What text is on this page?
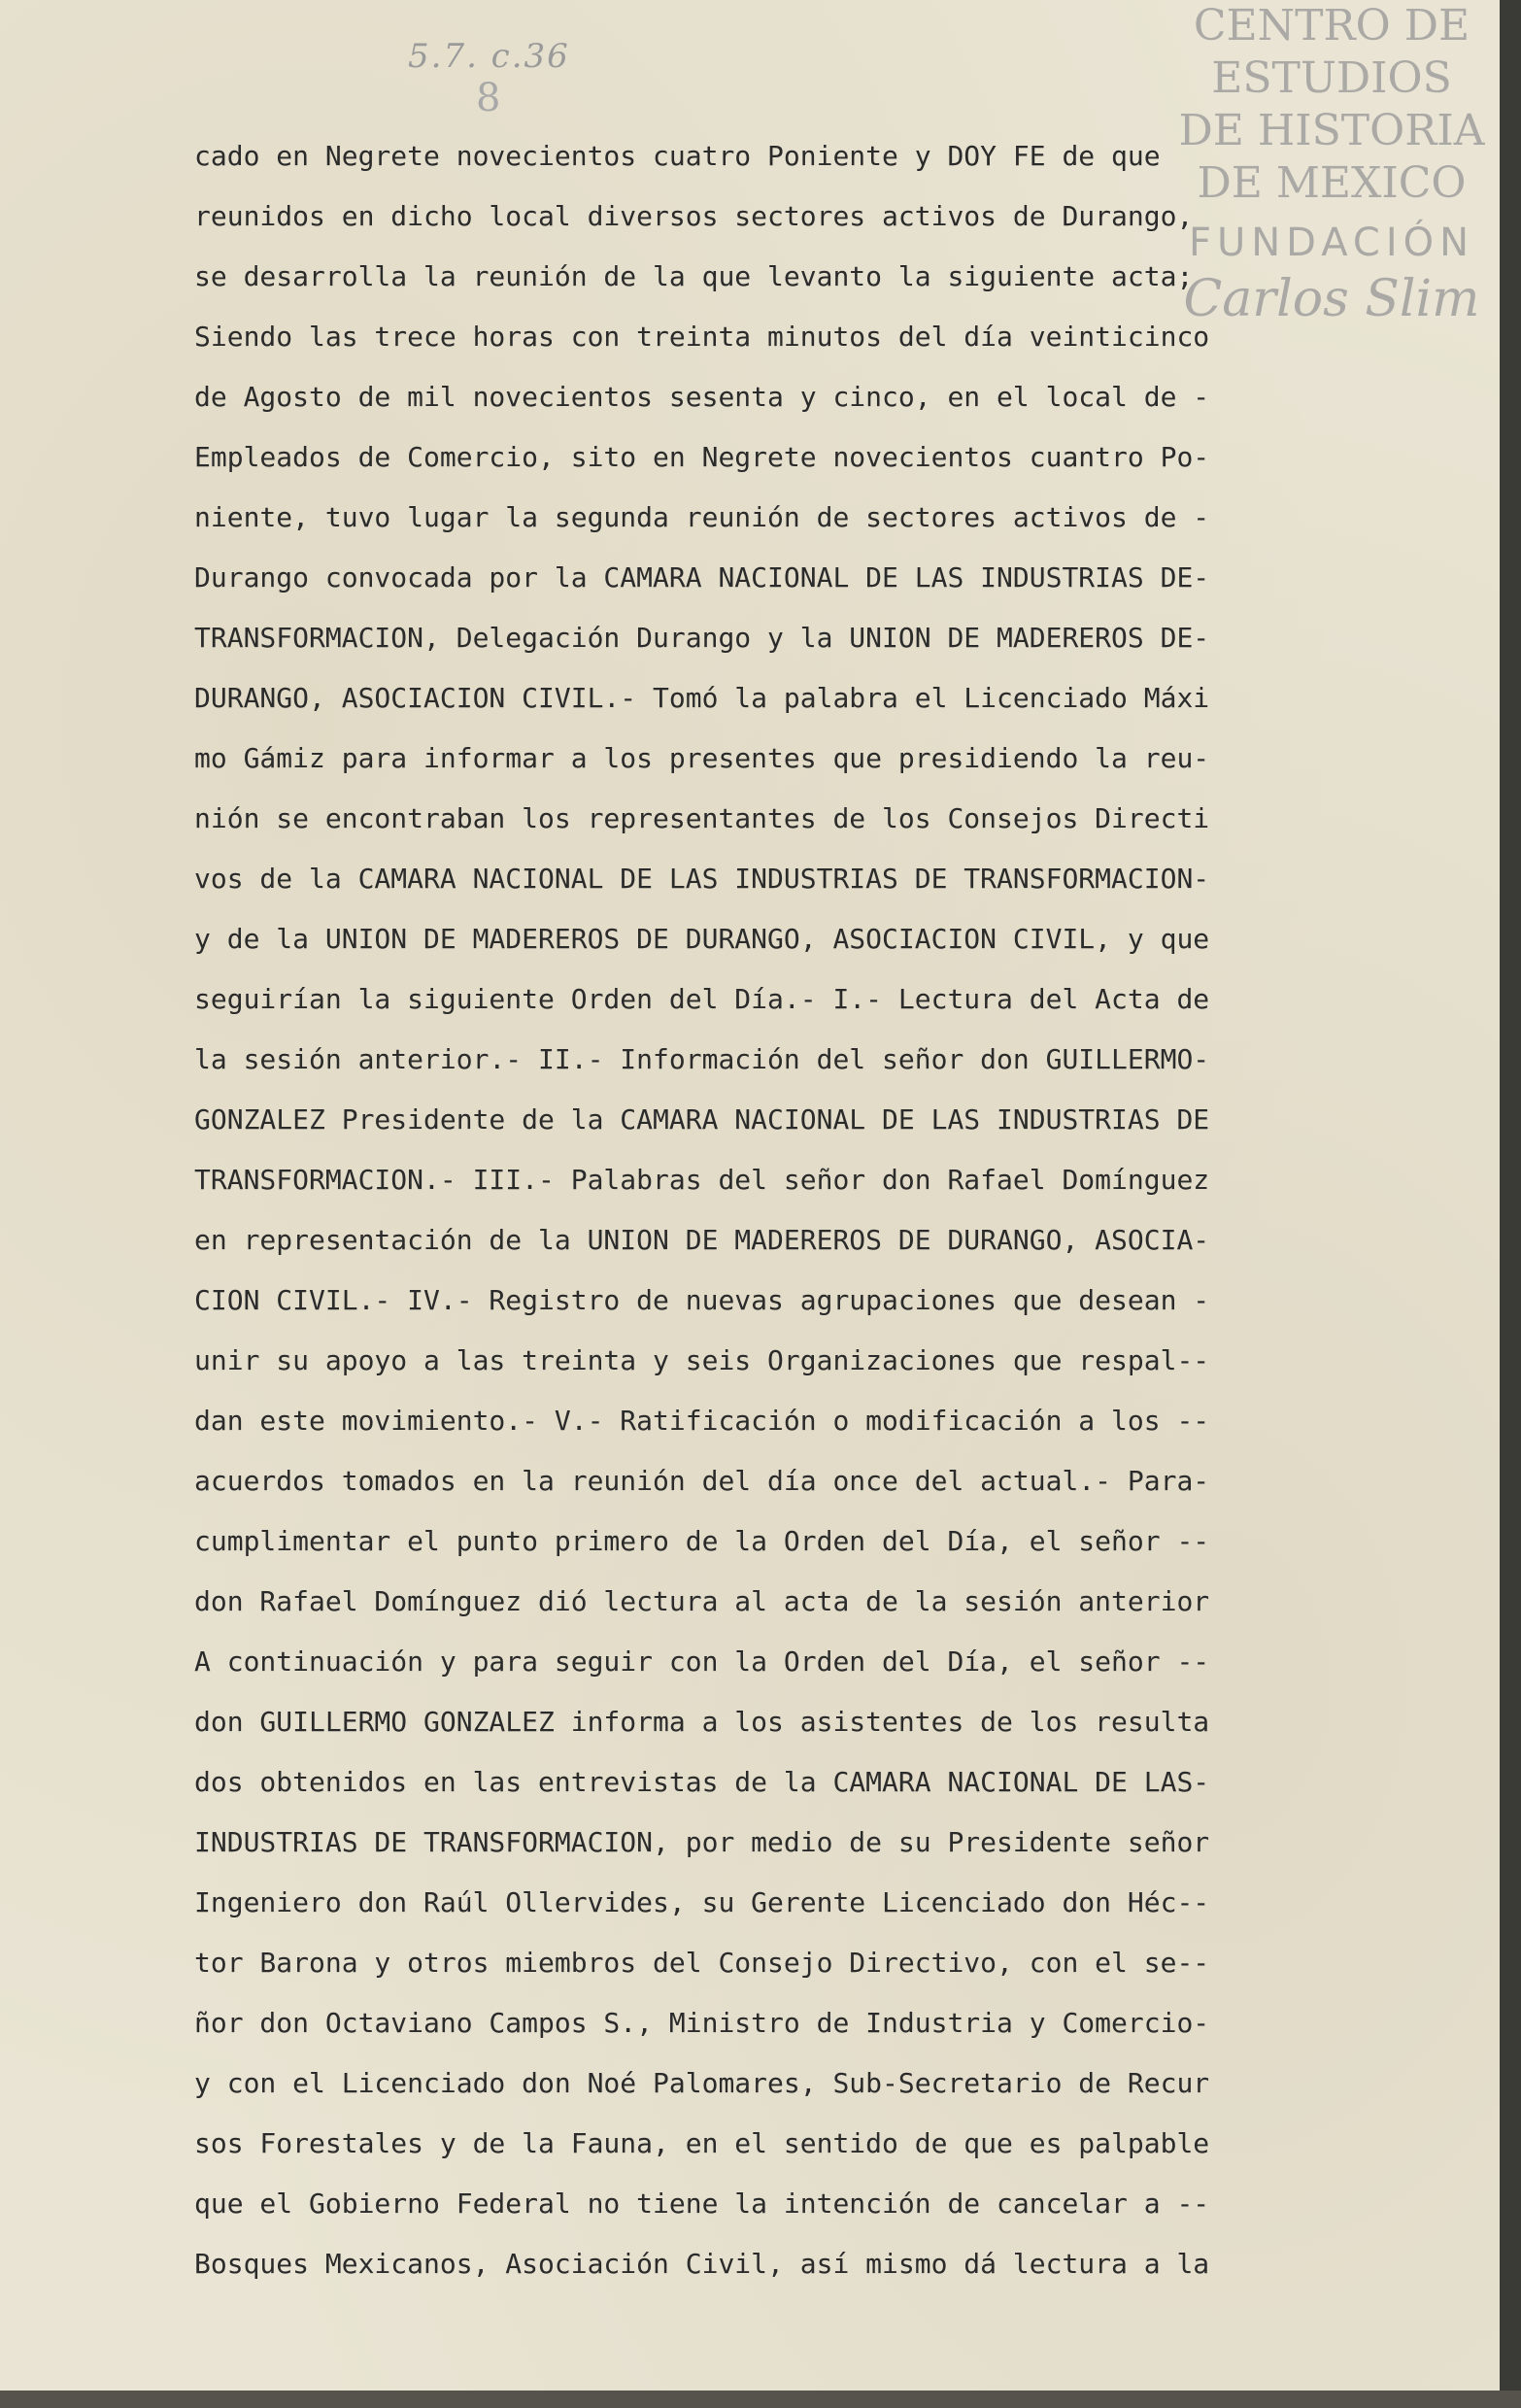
5.7. c.36
8
CENTRO DE
ESTUDIOS
DE HISTORIA
DE MEXICO
FUNDACIÓN
Carlos Slim
cado en Negrete novecientos cuatro Poniente y DOY FE de que
reunidos en dicho local diversos sectores activos de Durango,
se desarrolla la reunión de la que levanto la siguiente acta;
Siendo las trece horas con treinta minutos del día veinticinco
de Agosto de mil novecientos sesenta y cinco, en el local de -
Empleados de Comercio, sito en Negrete novecientos cuantro Po-
niente, tuvo lugar la segunda reunión de sectores activos de -
Durango convocada por la CAMARA NACIONAL DE LAS INDUSTRIAS DE-
TRANSFORMACION, Delegación Durango y la UNION DE MADEREROS DE-
DURANGO, ASOCIACION CIVIL.- Tomó la palabra el Licenciado Máxi
mo Gámiz para informar a los presentes que presidiendo la reu-
nión se encontraban los representantes de los Consejos Directi
vos de la CAMARA NACIONAL DE LAS INDUSTRIAS DE TRANSFORMACION-
y de la UNION DE MADEREROS DE DURANGO, ASOCIACION CIVIL, y que
seguirían la siguiente Orden del Día.- I.- Lectura del Acta de
la sesión anterior.- II.- Información del señor don GUILLERMO-
GONZALEZ Presidente de la CAMARA NACIONAL DE LAS INDUSTRIAS DE
TRANSFORMACION.- III.- Palabras del señor don Rafael Domínguez
en representación de la UNION DE MADEREROS DE DURANGO, ASOCIA-
CION CIVIL.- IV.- Registro de nuevas agrupaciones que desean -
unir su apoyo a las treinta y seis Organizaciones que respal--
dan este movimiento.- V.- Ratificación o modificación a los --
acuerdos tomados en la reunión del día once del actual.- Para-
cumplimentar el punto primero de la Orden del Día, el señor --
don Rafael Domínguez dió lectura al acta de la sesión anterior
A continuación y para seguir con la Orden del Día, el señor --
don GUILLERMO GONZALEZ informa a los asistentes de los resulta
dos obtenidos en las entrevistas de la CAMARA NACIONAL DE LAS-
INDUSTRIAS DE TRANSFORMACION, por medio de su Presidente señor
Ingeniero don Raúl Ollervides, su Gerente Licenciado don Héc--
tor Barona y otros miembros del Consejo Directivo, con el se--
ñor don Octaviano Campos S., Ministro de Industria y Comercio-
y con el Licenciado don Noé Palomares, Sub-Secretario de Recur
sos Forestales y de la Fauna, en el sentido de que es palpable
que el Gobierno Federal no tiene la intención de cancelar a --
Bosques Mexicanos, Asociación Civil, así mismo dá lectura a la
